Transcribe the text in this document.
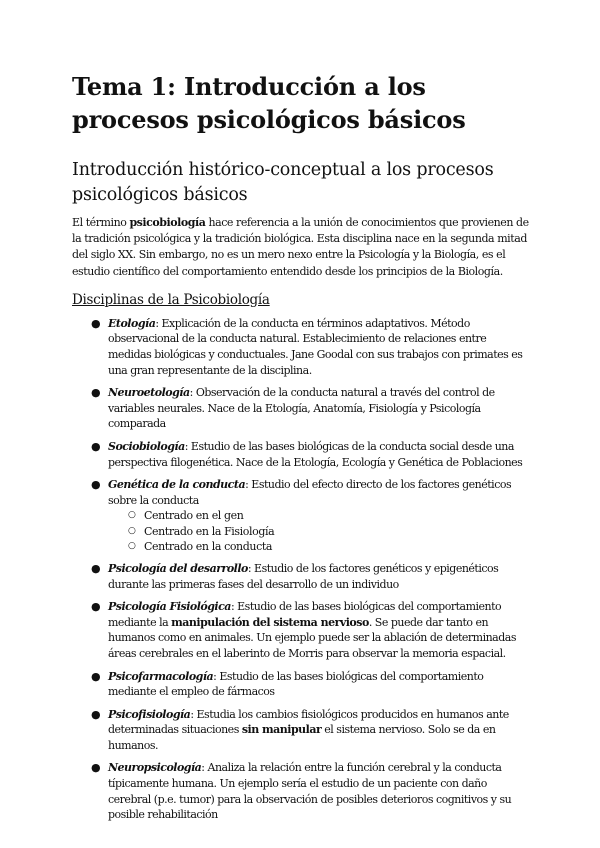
Tema 1: Introducción a los procesos psicológicos básicos
Introducción histórico-conceptual a los procesos psicológicos básicos

El término psicobiología hace referencia a la unión de conocimientos que provienen de la tradición psicológica y la tradición biológica. Esta disciplina nace en la segunda mitad del siglo XX. Sin embargo, no es un mero nexo entre la Psicología y la Biología, es el estudio científico del comportamiento entendido desde los principios de la Biología.

Disciplinas de la Psicobiología
● Etología: Explicación de la conducta en términos adaptativos. Método observacional de la conducta natural. Establecimiento de relaciones entre medidas biológicas y conductuales. Jane Goodal con sus trabajos con primates es una gran representante de la disciplina.
● Neuroetología: Observación de la conducta natural a través del control de variables neurales. Nace de la Etología, Anatomía, Fisiología y Psicología comparada
● Sociobiología: Estudio de las bases biológicas de la conducta social desde una perspectiva filogenética. Nace de la Etología, Ecología y Genética de Poblaciones
● Genética de la conducta: Estudio del efecto directo de los factores genéticos sobre la conducta
○ Centrado en el gen
○ Centrado en la Fisiología
○ Centrado en la conducta
● Psicología del desarrollo: Estudio de los factores genéticos y epigenéticos durante las primeras fases del desarrollo de un individuo
● Psicología Fisiológica: Estudio de las bases biológicas del comportamiento mediante la manipulación del sistema nervioso. Se puede dar tanto en humanos como en animales. Un ejemplo puede ser la ablación de determinadas áreas cerebrales en el laberinto de Morris para observar la memoria espacial.
● Psicofarmacología: Estudio de las bases biológicas del comportamiento mediante el empleo de fármacos
● Psicofisiología: Estudia los cambios fisiológicos producidos en humanos ante determinadas situaciones sin manipular el sistema nervioso. Solo se da en humanos.
● Neuropsicología: Analiza la relación entre la función cerebral y la conducta típicamente humana. Un ejemplo sería el estudio de un paciente con daño cerebral (p.e. tumor) para la observación de posibles deterioros cognitivos y su posible rehabilitación
